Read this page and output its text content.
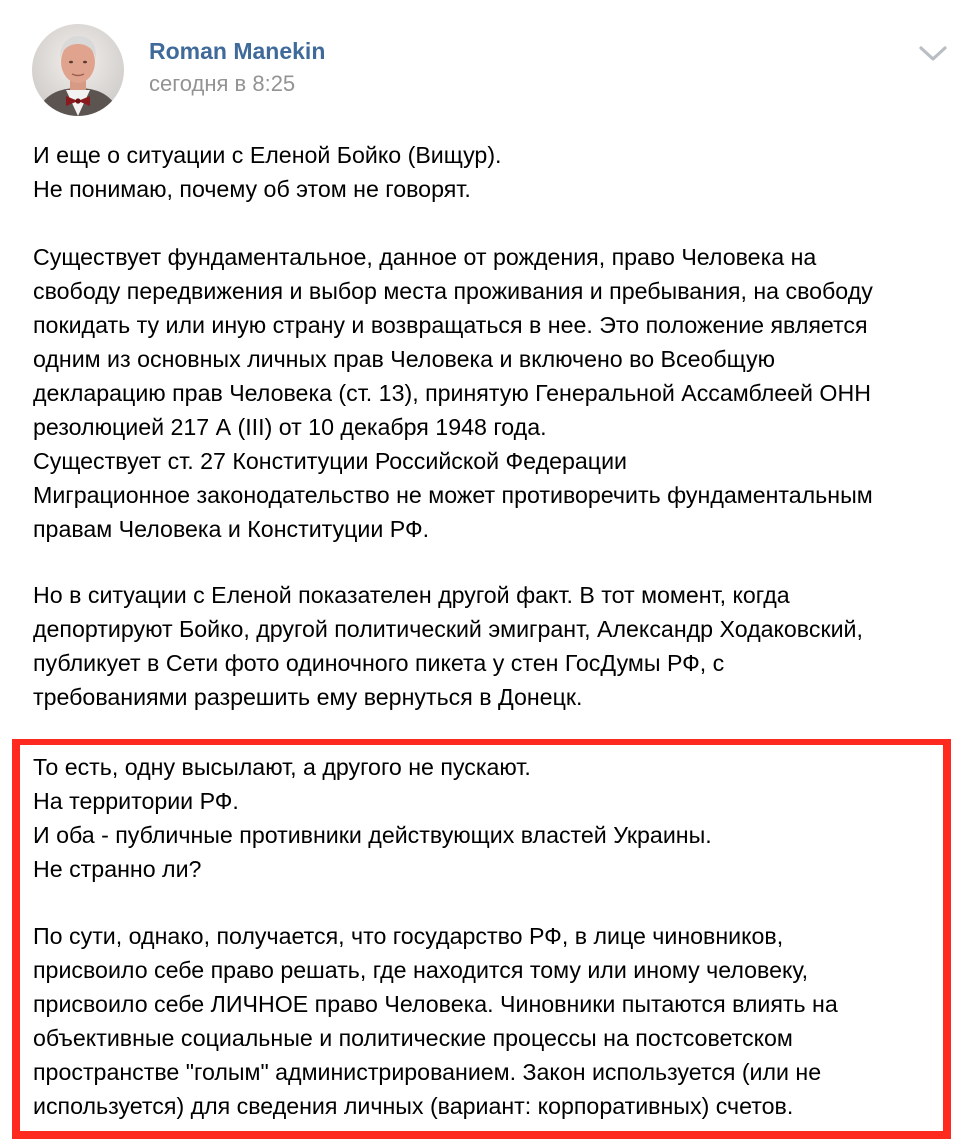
Roman Manekin
сегодня в 8:25
И еще о ситуации с Еленой Бойко (Вищур).
Не понимаю, почему об этом не говорят.
Существует фундаментальное, данное от рождения, право Человека на
свободу передвижения и выбор места проживания и пребывания, на свободу
покидать ту или иную страну и возвращаться в нее. Это положение является
одним из основных личных прав Человека и включено во Всеобщую
декларацию прав Человека (ст. 13), принятую Генеральной Ассамблеей ОНН
резолюцией 217 А (III) от 10 декабря 1948 года.
Существует ст. 27 Конституции Российской Федерации
Миграционное законодательство не может противоречить фундаментальным
правам Человека и Конституции РФ.
Но в ситуации с Еленой показателен другой факт. В тот момент, когда
депортируют Бойко, другой политический эмигрант, Александр Ходаковский,
публикует в Сети фото одиночного пикета у стен ГосДумы РФ, с
требованиями разрешить ему вернуться в Донецк.
То есть, одну высылают, а другого не пускают.
На территории РФ.
И оба - публичные противники действующих властей Украины.
Не странно ли?
По сути, однако, получается, что государство РФ, в лице чиновников,
присвоило себе право решать, где находится тому или иному человеку,
присвоило себе ЛИЧНОЕ право Человека. Чиновники пытаются влиять на
объективные социальные и политические процессы на постсоветском
пространстве "голым" администрированием. Закон используется (или не
используется) для сведения личных (вариант: корпоративных) счетов.
